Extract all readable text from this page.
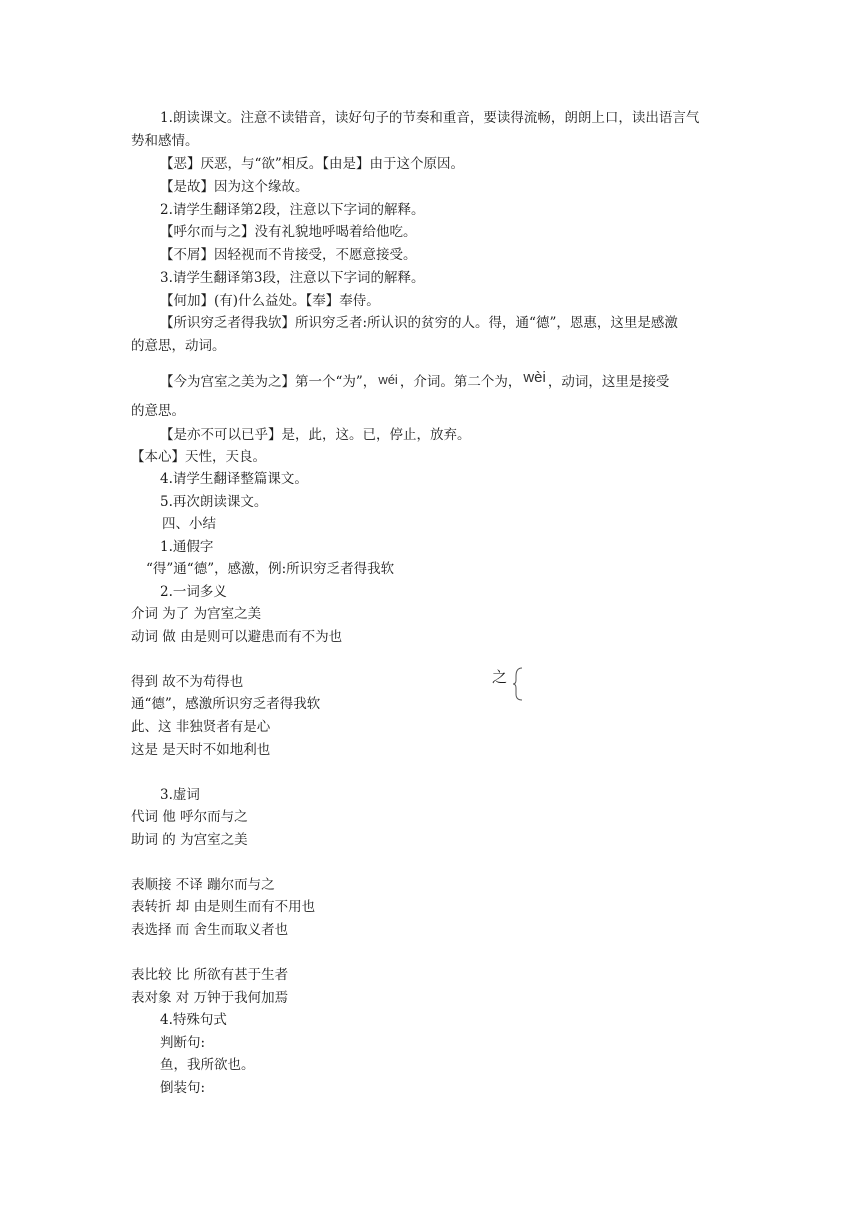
1.朗读课文。注意不读错音，读好句子的节奏和重音，要读得流畅，朗朗上口，读出语言气
势和感情。
【恶】厌恶，与“欲”相反。【由是】由于这个原因。
【是故】因为这个缘故。
2.请学生翻译第2段，注意以下字词的解释。
【呼尔而与之】没有礼貌地呼喝着给他吃。
【不屑】因轻视而不肯接受，不愿意接受。
3.请学生翻译第3段，注意以下字词的解释。
【何加】(有)什么益处。【奉】奉侍。
【所识穷乏者得我欤】所识穷乏者:所认识的贫穷的人。得，通“德”，恩惠，这里是感激
的意思，动词。
【今为宫室之美为之】第一个“为”， wéi ，介词。第二个为， wèi ，动词，这里是接受
的意思。
【是亦不可以已乎】是，此，这。已，停止，放弃。
【本心】天性，天良。
4.请学生翻译整篇课文。
5.再次朗读课文。
四、小结
1.通假字
“得”通“德”，感激，例:所识穷乏者得我软
2.一词多义
介词 为了 为宫室之美
动词 做 由是则可以避患而有不为也
得到 故不为苟得也
通“德”，感激所识穷乏者得我软
此、这 非独贤者有是心
这是 是天时不如地利也
之
3.虚词
代词 他 呼尔而与之
助词 的 为宫室之美
表顺接 不译 蹦尔而与之
表转折 却 由是则生而有不用也
表选择 而 舍生而取义者也
表比较 比 所欲有甚于生者
表对象 对 万钟于我何加焉
4.特殊句式
判断句:
鱼，我所欲也。
倒装句:
